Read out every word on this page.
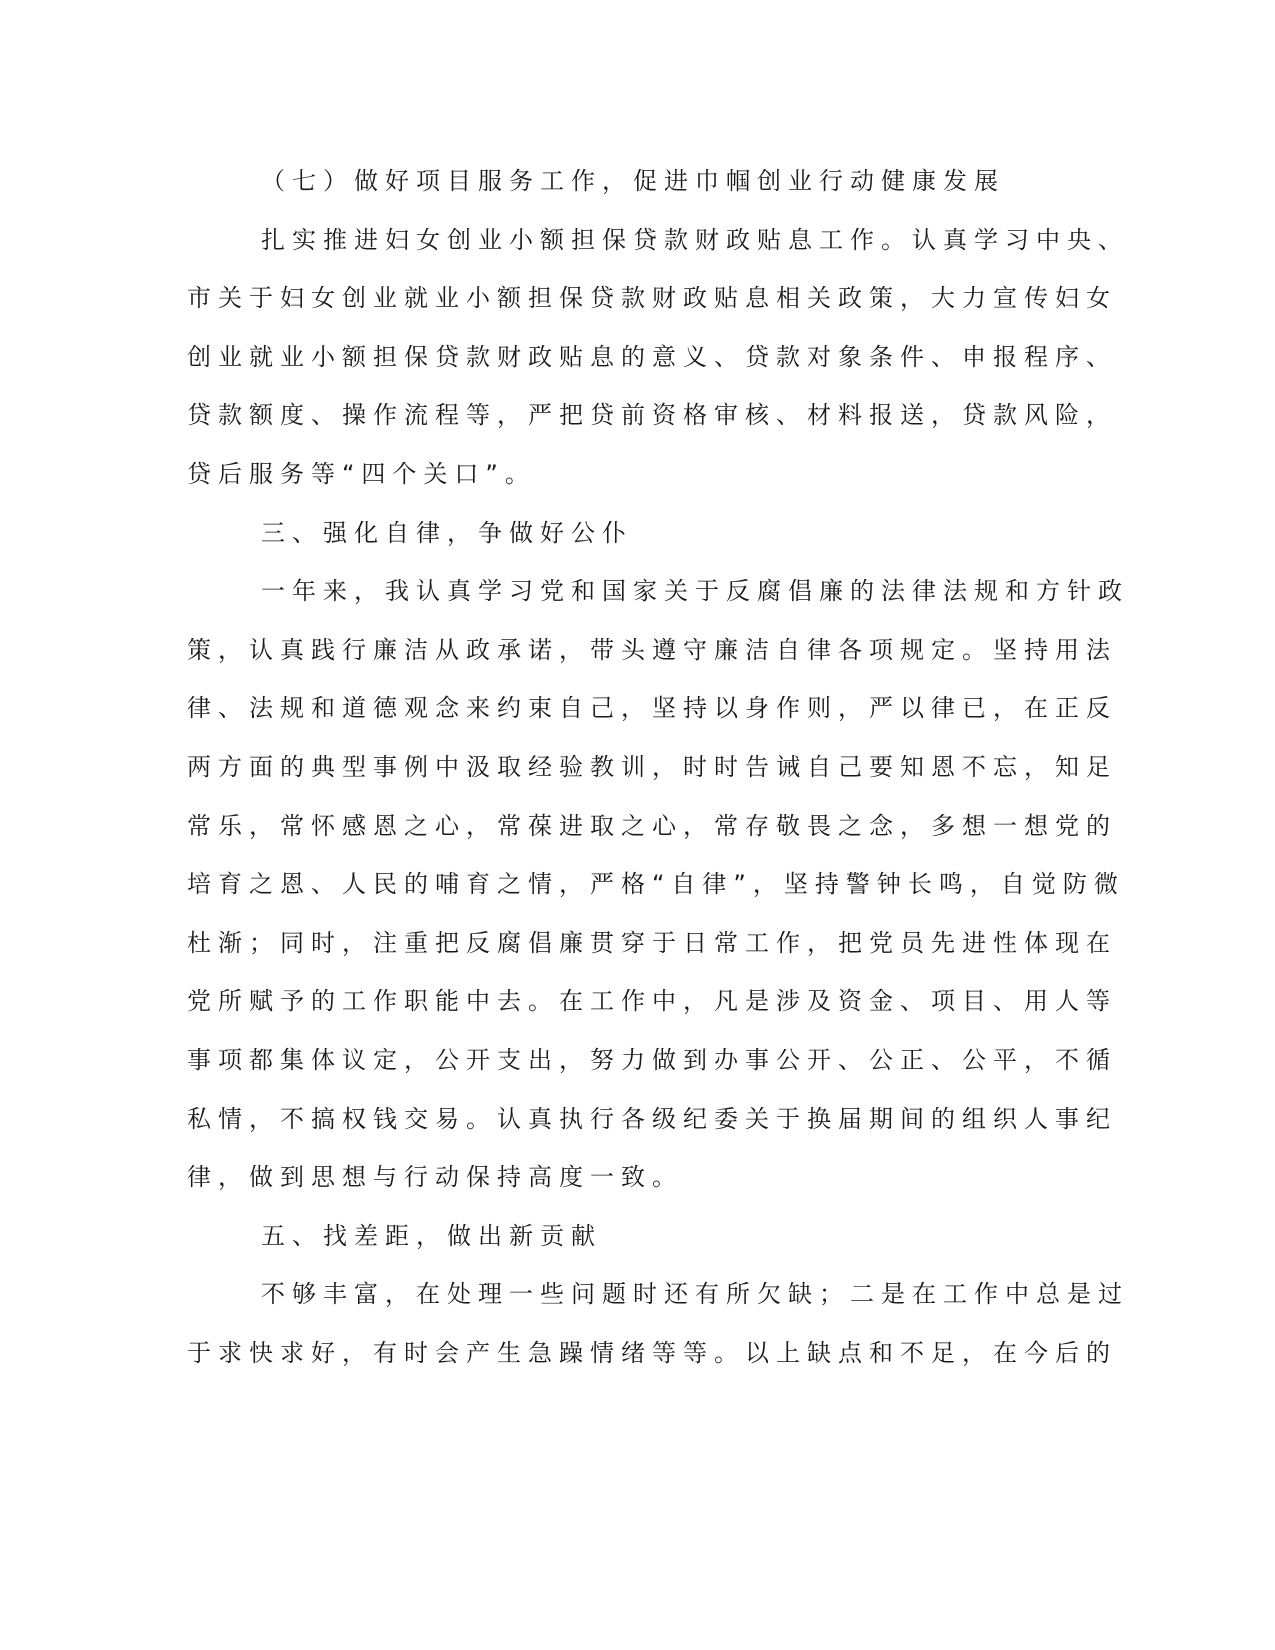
（七）做好项目服务工作，促进巾帼创业行动健康发展
扎实推进妇女创业小额担保贷款财政贴息工作。认真学习中央、
市关于妇女创业就业小额担保贷款财政贴息相关政策，大力宣传妇女
创业就业小额担保贷款财政贴息的意义、贷款对象条件、申报程序、
贷款额度、操作流程等，严把贷前资格审核、材料报送，贷款风险，
贷后服务等“四个关口”。
三、强化自律，争做好公仆
一年来，我认真学习党和国家关于反腐倡廉的法律法规和方针政
策，认真践行廉洁从政承诺，带头遵守廉洁自律各项规定。坚持用法
律、法规和道德观念来约束自己，坚持以身作则，严以律已，在正反
两方面的典型事例中汲取经验教训，时时告诫自己要知恩不忘，知足
常乐，常怀感恩之心，常葆进取之心，常存敬畏之念，多想一想党的
培育之恩、人民的哺育之情，严格“自律”，坚持警钟长鸣，自觉防微
杜渐；同时，注重把反腐倡廉贯穿于日常工作，把党员先进性体现在
党所赋予的工作职能中去。在工作中，凡是涉及资金、项目、用人等
事项都集体议定，公开支出，努力做到办事公开、公正、公平，不循
私情，不搞权钱交易。认真执行各级纪委关于换届期间的组织人事纪
律，做到思想与行动保持高度一致。
五、找差距，做出新贡献
不够丰富，在处理一些问题时还有所欠缺；二是在工作中总是过
于求快求好，有时会产生急躁情绪等等。以上缺点和不足，在今后的
